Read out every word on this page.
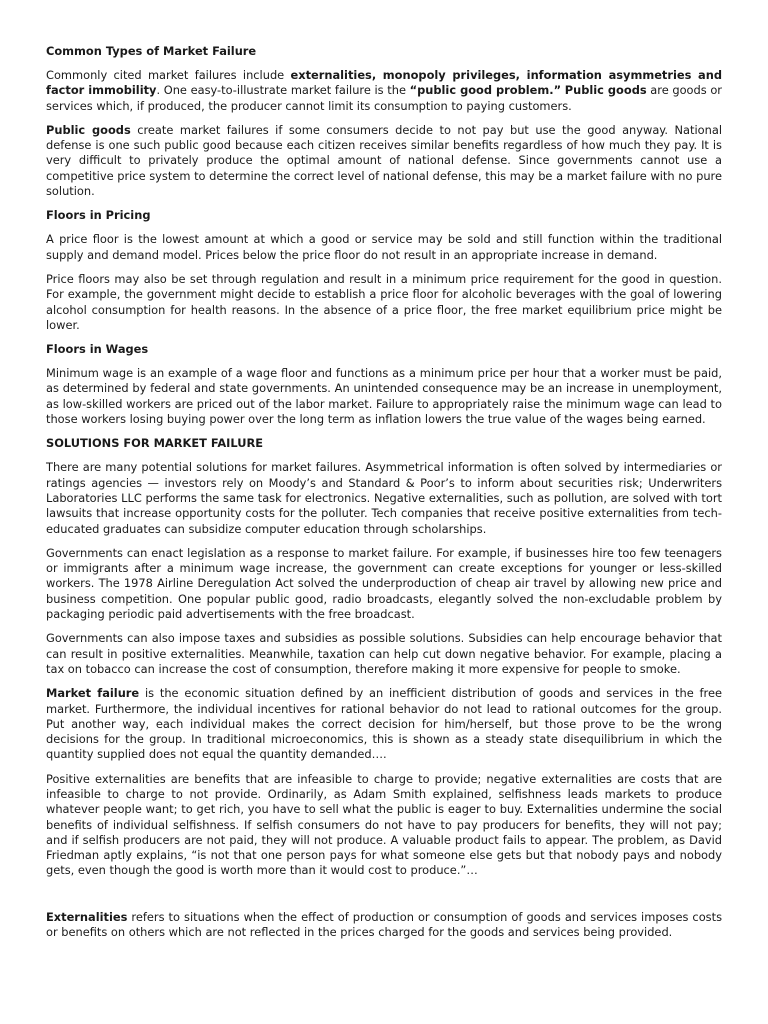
Common Types of Market Failure

Commonly cited market failures include externalities, monopoly privileges, information asymmetries and factor immobility. One easy-to-illustrate market failure is the “public good problem.” Public goods are goods or services which, if produced, the producer cannot limit its consumption to paying customers.

Public goods create market failures if some consumers decide to not pay but use the good anyway. National defense is one such public good because each citizen receives similar benefits regardless of how much they pay. It is very difficult to privately produce the optimal amount of national defense. Since governments cannot use a competitive price system to determine the correct level of national defense, this may be a market failure with no pure solution.

Floors in Pricing

A price floor is the lowest amount at which a good or service may be sold and still function within the traditional supply and demand model. Prices below the price floor do not result in an appropriate increase in demand.

Price floors may also be set through regulation and result in a minimum price requirement for the good in question. For example, the government might decide to establish a price floor for alcoholic beverages with the goal of lowering alcohol consumption for health reasons. In the absence of a price floor, the free market equilibrium price might be lower.

Floors in Wages

Minimum wage is an example of a wage floor and functions as a minimum price per hour that a worker must be paid, as determined by federal and state governments. An unintended consequence may be an increase in unemployment, as low-skilled workers are priced out of the labor market. Failure to appropriately raise the minimum wage can lead to those workers losing buying power over the long term as inflation lowers the true value of the wages being earned.

SOLUTIONS FOR MARKET FAILURE

There are many potential solutions for market failures. Asymmetrical information is often solved by intermediaries or ratings agencies — investors rely on Moody’s and Standard & Poor’s to inform about securities risk; Underwriters Laboratories LLC performs the same task for electronics. Negative externalities, such as pollution, are solved with tort lawsuits that increase opportunity costs for the polluter. Tech companies that receive positive externalities from tech-educated graduates can subsidize computer education through scholarships.

Governments can enact legislation as a response to market failure. For example, if businesses hire too few teenagers or immigrants after a minimum wage increase, the government can create exceptions for younger or less-skilled workers. The 1978 Airline Deregulation Act solved the underproduction of cheap air travel by allowing new price and business competition. One popular public good, radio broadcasts, elegantly solved the non-excludable problem by packaging periodic paid advertisements with the free broadcast.

Governments can also impose taxes and subsidies as possible solutions. Subsidies can help encourage behavior that can result in positive externalities. Meanwhile, taxation can help cut down negative behavior. For example, placing a tax on tobacco can increase the cost of consumption, therefore making it more expensive for people to smoke.

Market failure is the economic situation defined by an inefficient distribution of goods and services in the free market. Furthermore, the individual incentives for rational behavior do not lead to rational outcomes for the group. Put another way, each individual makes the correct decision for him/herself, but those prove to be the wrong decisions for the group. In traditional microeconomics, this is shown as a steady state disequilibrium in which the quantity supplied does not equal the quantity demanded….

Positive externalities are benefits that are infeasible to charge to provide; negative externalities are costs that are infeasible to charge to not provide. Ordinarily, as Adam Smith explained, selfishness leads markets to produce whatever people want; to get rich, you have to sell what the public is eager to buy. Externalities undermine the social benefits of individual selfishness. If selfish consumers do not have to pay producers for benefits, they will not pay; and if selfish producers are not paid, they will not produce. A valuable product fails to appear. The problem, as David Friedman aptly explains, “is not that one person pays for what someone else gets but that nobody pays and nobody gets, even though the good is worth more than it would cost to produce.”…

Externalities refers to situations when the effect of production or consumption of goods and services imposes costs or benefits on others which are not reflected in the prices charged for the goods and services being provided.
